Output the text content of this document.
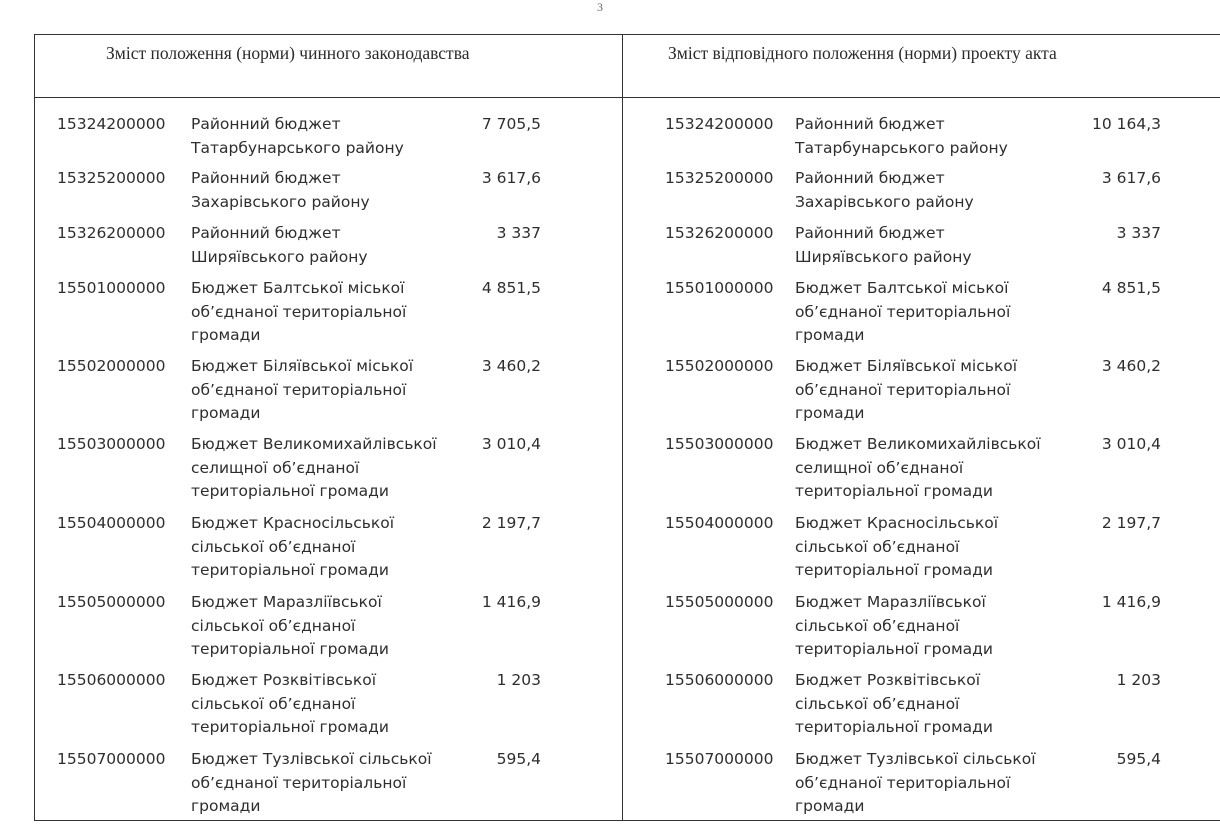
3
Зміст положення (норми) чинного законодавства	Зміст відповідного положення (норми) проекту акта
15324200000 Районний бюджет
Татарбунарського району
7 705,5
15325200000 Районний бюджет
Захарівського району
3 617,6
15326200000 Районний бюджет
Ширяївського району
3 337
15501000000 Бюджет Балтської міської
об’єднаної територіальної
громади
4 851,5
15502000000 Бюджет Біляївської міської
об’єднаної територіальної
громади
3 460,2
15503000000 Бюджет Великомихайлівської
селищної об’єднаної
територіальної громади
3 010,4
15504000000 Бюджет Красносільської
сільської об’єднаної
територіальної громади
2 197,7
15505000000 Бюджет Маразліївської
сільської об’єднаної
територіальної громади
1 416,9
15506000000 Бюджет Розквітівської
сільської об’єднаної
територіальної громади
1 203
15507000000 Бюджет Тузлівської сільської
об’єднаної територіальної
громади
595,4
15324200000 Районний бюджет
Татарбунарського району
10 164,3
15325200000 Районний бюджет
Захарівського району
3 617,6
15326200000 Районний бюджет
Ширяївського району
3 337
15501000000 Бюджет Балтської міської
об’єднаної територіальної
громади
4 851,5
15502000000 Бюджет Біляївської міської
об’єднаної територіальної
громади
3 460,2
15503000000 Бюджет Великомихайлівської
селищної об’єднаної
територіальної громади
3 010,4
15504000000 Бюджет Красносільської
сільської об’єднаної
територіальної громади
2 197,7
15505000000 Бюджет Маразліївської
сільської об’єднаної
територіальної громади
1 416,9
15506000000 Бюджет Розквітівської
сільської об’єднаної
територіальної громади
1 203
15507000000 Бюджет Тузлівської сільської
об’єднаної територіальної
громади
595,4
